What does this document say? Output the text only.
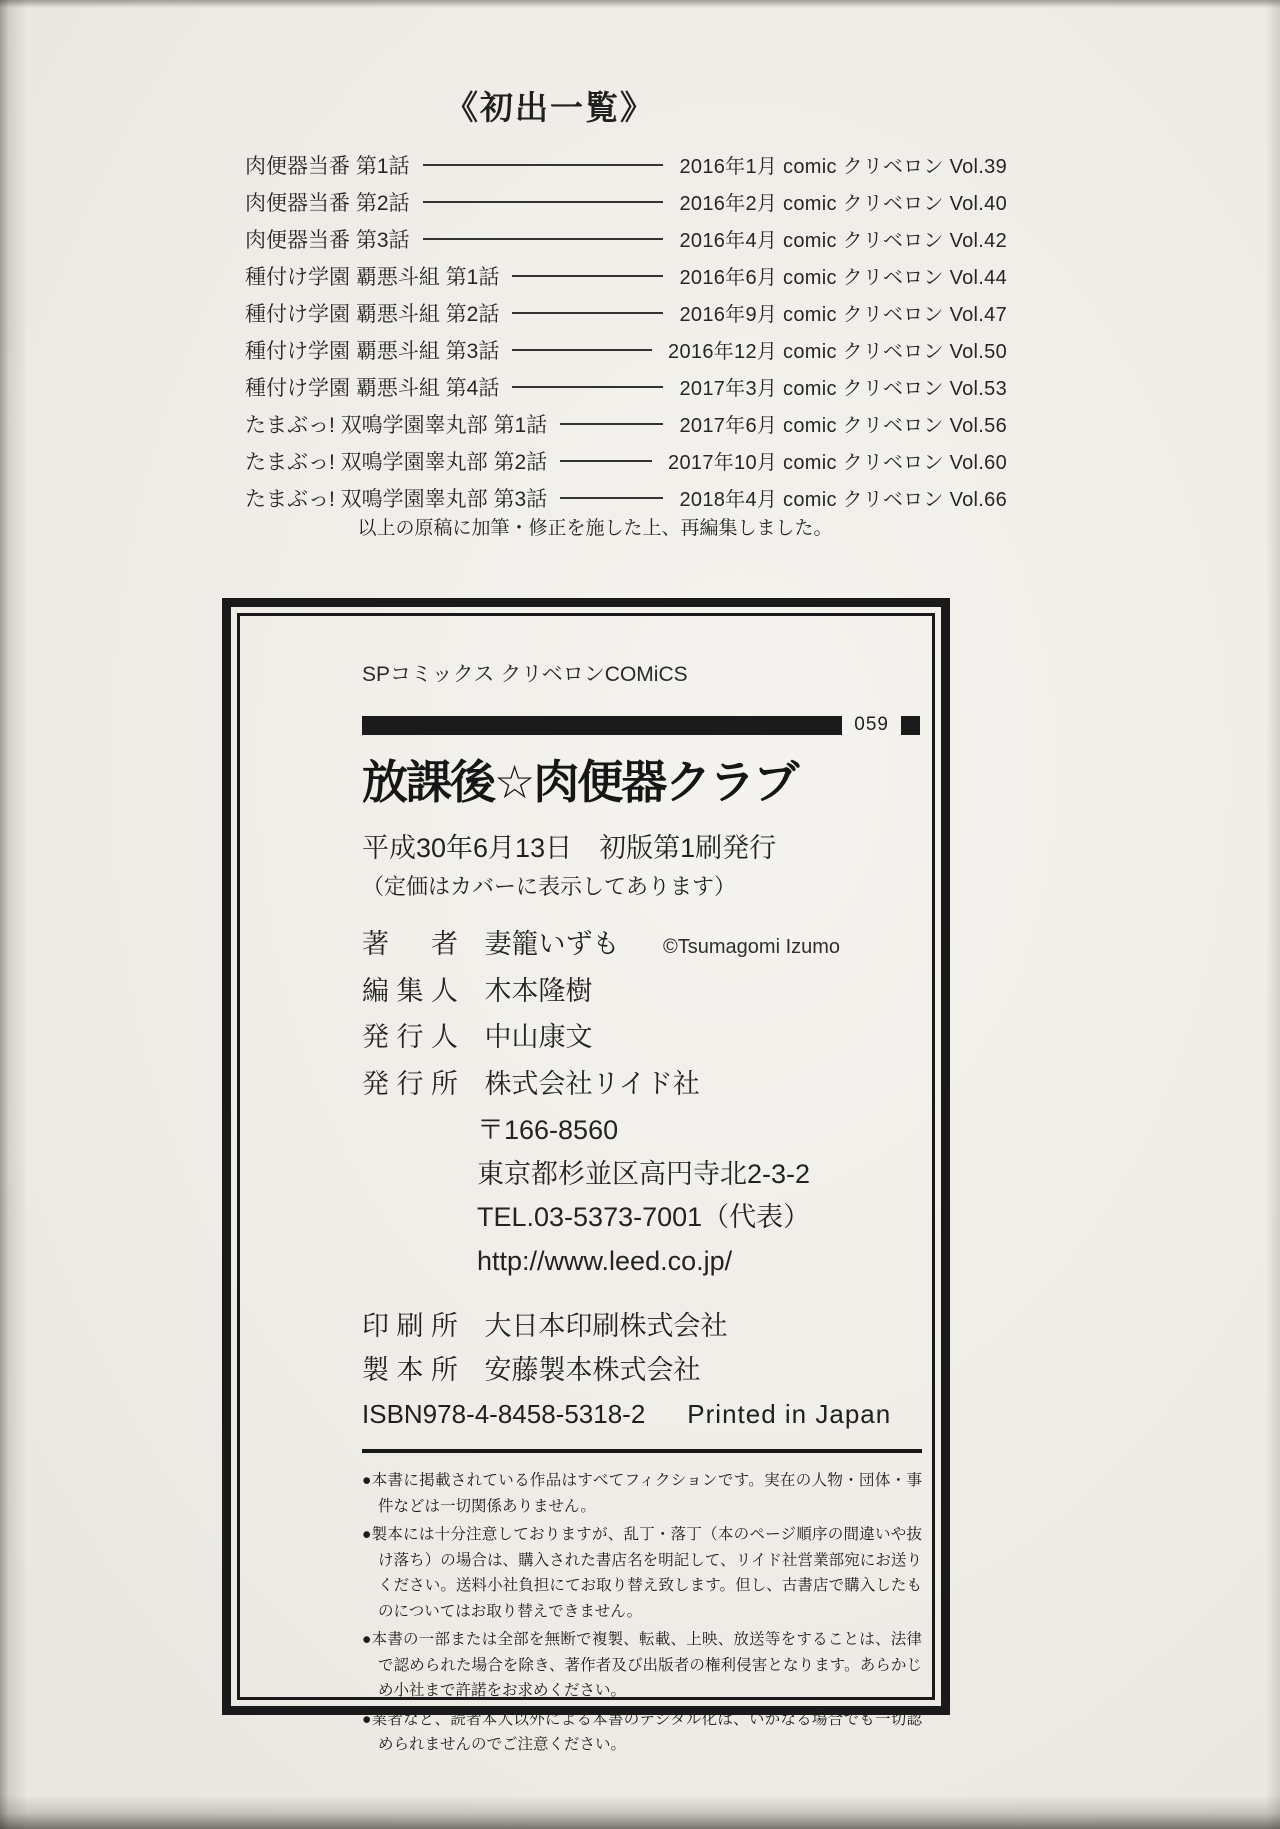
《初出一覧》
肉便器当番 第1話	2016年1月 comic クリベロン Vol.39
肉便器当番 第2話	2016年2月 comic クリベロン Vol.40
肉便器当番 第3話	2016年4月 comic クリベロン Vol.42
種付け学園 覇悪斗組 第1話	2016年6月 comic クリベロン Vol.44
種付け学園 覇悪斗組 第2話	2016年9月 comic クリベロン Vol.47
種付け学園 覇悪斗組 第3話	2016年12月 comic クリベロン Vol.50
種付け学園 覇悪斗組 第4話	2017年3月 comic クリベロン Vol.53
たまぶっ! 双鳴学園睾丸部 第1話	2017年6月 comic クリベロン Vol.56
たまぶっ! 双鳴学園睾丸部 第2話	2017年10月 comic クリベロン Vol.60
たまぶっ! 双鳴学園睾丸部 第3話	2018年4月 comic クリベロン Vol.66
以上の原稿に加筆・修正を施した上、再編集しました。
SPコミックス クリベロンCOMiCS
059
放課後☆肉便器クラブ
平成30年6月13日　初版第1刷発行
（定価はカバーに表示してあります）
著　者 妻籠いずも ©Tsumagomi Izumo
編集人 木本隆樹
発行人 中山康文
発行所 株式会社リイド社
〒166-8560
東京都杉並区高円寺北2-3-2
TEL.03-5373-7001（代表）
http://www.leed.co.jp/
印刷所 大日本印刷株式会社
製本所 安藤製本株式会社
ISBN978-4-8458-5318-2 Printed in Japan

●本書に掲載されている作品はすべてフィクションです。実在の人物・団体・事件などは一切関係ありません。

●製本には十分注意しておりますが、乱丁・落丁（本のページ順序の間違いや抜け落ち）の場合は、購入された書店名を明記して、リイド社営業部宛にお送りください。送料小社負担にてお取り替え致します。但し、古書店で購入したものについてはお取り替えできません。

●本書の一部または全部を無断で複製、転載、上映、放送等をすることは、法律で認められた場合を除き、著作者及び出版者の権利侵害となります。あらかじめ小社まで許諾をお求めください。

●業者など、読者本人以外による本書のデジタル化は、いかなる場合でも一切認められませんのでご注意ください。
